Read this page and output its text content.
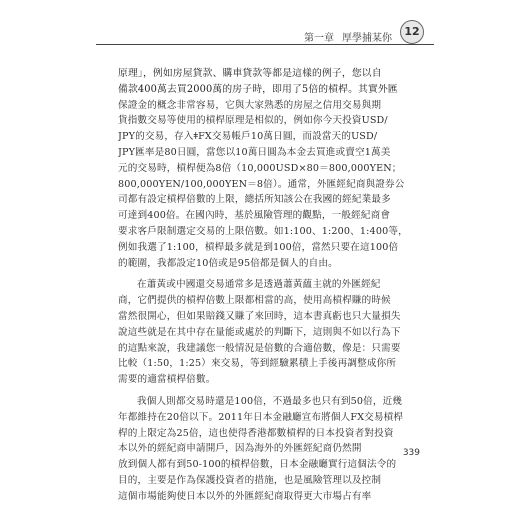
第一章 厚學捕某你	12
原理」，例如房屋貸款、購車貸款等都是這樣的例子，您以自
備款400萬去買2000萬的房子時，即用了5倍的槓桿。其實外匯
保證金的概念非常容易，它與大家熟悉的房屋之信用交易與期
貨指數交易等使用的槓桿原理是相似的，例如你今天投資USD/
JPY的交易，存入ǂFX交易帳戶10萬日圓，而設當天的USD/
JPY匯率是80日圓，當您以10萬日圓為本金去買進或賣空1萬美
元的交易時，槓桿便為8倍（10,000USD×80＝800,000YEN；
800,000YEN/100,000YEN＝8倍）。通常，外匯經紀商與證券公
司都有設定槓桿倍數的上限，總括所知該公在我國的經紀業最多
可達到400倍。在國內時，基於風險管理的觀點，一般經紀商會
要求客戶限制選定交易的上限倍數。如1:100、1:200、1:400等，
例如我選了1:100，槓桿最多就是到100倍，當然只要在這100倍
的範圍，我都設定10倍或是95倍都是個人的自由。
在蕭黃或中國還交易通常多是透過蕭黃蘊主就的外匯經紀
商，它們提供的槓桿倍數上限都相當的高，使用高槓桿賺的時候
當然很開心，但如果賠錢又賺了來回時，這本書真虧也只大量損失
說這些就是在其中存在量能或處於的判斷下，這則與不如以行為下
的這點來說，我建議您一般情況是倍數的合適倍數，像是：只需要
比較（1:50，1:25）來交易，等到經驗累積上手後再調整成你所
需要的適當槓桿倍數。
我個人則都交易時還是100倍，不過最多也只有到50倍，近幾
年都維持在20倍以下。2011年日本金融廳宣布將個人FX交易槓桿
桿的上限定為25倍，這也使得香港都數槓桿的日本投資者對投資
本以外的經紀商申請開戶，因為海外的外匯經紀商仍然開
放到個人都有到50-100的槓桿倍數，日本金融廳實行這個法令的
目的，主要是作為保護投資者的措施，也是風險管理以及控制
這個市場能夠使日本以外的外匯經紀商取得更大市場占有率
339
